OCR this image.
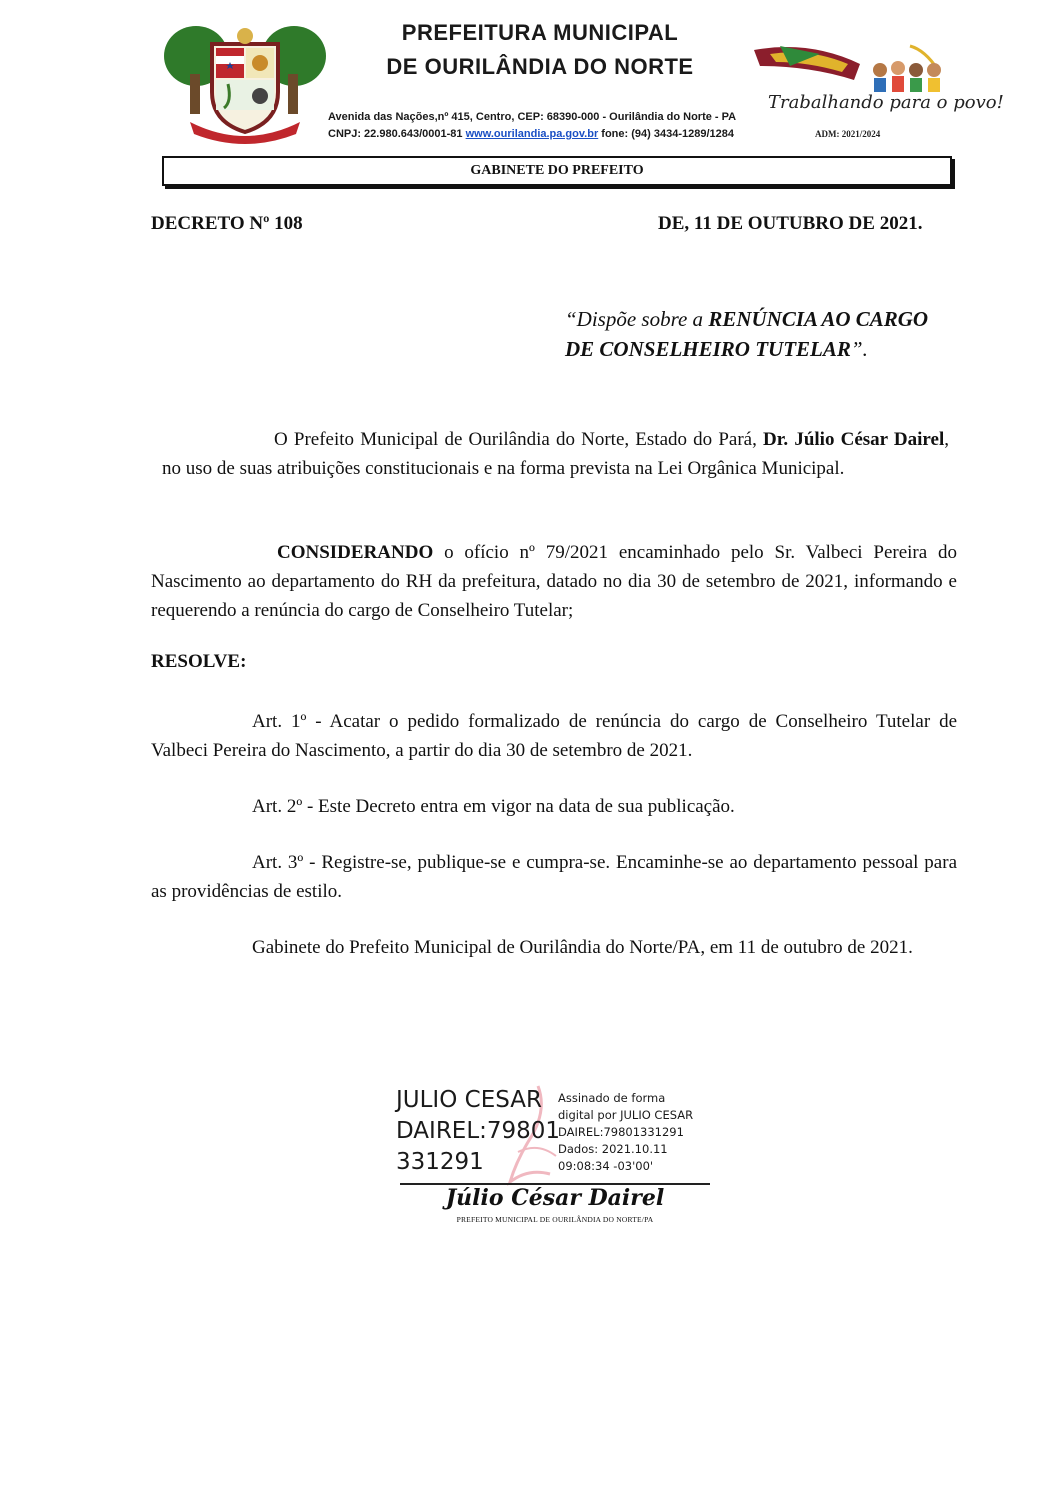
PREFEITURA MUNICIPAL
DE OURILÂNDIA DO NORTE
Avenida das Nações,nº 415, Centro, CEP: 68390-000 - Ourilândia do Norte - PA
CNPJ: 22.980.643/0001-81 www.ourilandia.pa.gov.br fone: (94) 3434-1289/1284
Trabalhando para o povo!
ADM: 2021/2024
GABINETE DO PREFEITO
DECRETO Nº 108	DE, 11 DE OUTUBRO DE 2021.
“Dispõe sobre a RENÚNCIA AO CARGO DE CONSELHEIRO TUTELAR”.
O Prefeito Municipal de Ourilândia do Norte, Estado do Pará, Dr. Júlio César Dairel, no uso de suas atribuições constitucionais e na forma prevista na Lei Orgânica Municipal.
CONSIDERANDO o ofício nº 79/2021 encaminhado pelo Sr. Valbeci Pereira do Nascimento ao departamento do RH da prefeitura, datado no dia 30 de setembro de 2021, informando e requerendo a renúncia do cargo de Conselheiro Tutelar;
RESOLVE:
Art. 1º - Acatar o pedido formalizado de renúncia do cargo de Conselheiro Tutelar de Valbeci Pereira do Nascimento, a partir do dia 30 de setembro de 2021.
Art. 2º - Este Decreto entra em vigor na data de sua publicação.
Art. 3º - Registre-se, publique-se e cumpra-se. Encaminhe-se ao departamento pessoal para as providências de estilo.
Gabinete do Prefeito Municipal de Ourilândia do Norte/PA, em 11 de outubro de 2021.
JULIO CESAR
DAIREL:79801
331291
Assinado de forma
digital por JULIO CESAR
DAIREL:79801331291
Dados: 2021.10.11
09:08:34 -03'00'
Júlio César Dairel
PREFEITO MUNICIPAL DE OURILÂNDIA DO NORTE/PA
